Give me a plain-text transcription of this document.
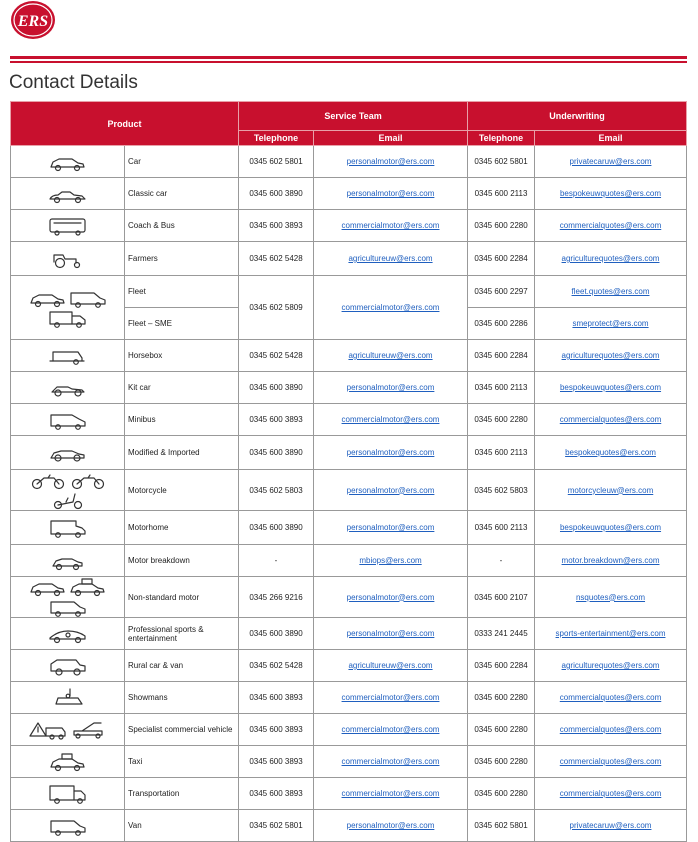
ERS
Contact Details
Product		Service Team		Underwriting	
		Telephone	Email	Telephone	Email
	Car	0345 602 5801	personalmotor@ers.com	0345 602 5801	privatecaruw@ers.com
	Classic car	0345 600 3890	personalmotor@ers.com	0345 600 2113	bespokeuwquotes@ers.com
	Coach & Bus	0345 600 3893	commercialmotor@ers.com	0345 600 2280	commercialquotes@ers.com
	Farmers	0345 602 5428	agricultureuw@ers.com	0345 600 2284	agriculturequotes@ers.com
	Fleet	0345 602 5809	commercialmotor@ers.com	0345 600 2297	fleet.quotes@ers.com
	Fleet – SME			0345 600 2286	smeprotect@ers.com
	Horsebox	0345 602 5428	agricultureuw@ers.com	0345 600 2284	agriculturequotes@ers.com
	Kit car	0345 600 3890	personalmotor@ers.com	0345 600 2113	bespokeuwquotes@ers.com
	Minibus	0345 600 3893	commercialmotor@ers.com	0345 600 2280	commercialquotes@ers.com
	Modified & Imported	0345 600 3890	personalmotor@ers.com	0345 600 2113	bespokequotes@ers.com
	Motorcycle	0345 602 5803	personalmotor@ers.com	0345 602 5803	motorcycleuw@ers.com
	Motorhome	0345 600 3890	personalmotor@ers.com	0345 600 2113	bespokeuwquotes@ers.com
	Motor breakdown	-	mbiops@ers.com	-	motor.breakdown@ers.com
	Non-standard motor	0345 266 9216	personalmotor@ers.com	0345 600 2107	nsquotes@ers.com
	Professional sports & entertainment	0345 600 3890	personalmotor@ers.com	0333 241 2445	sports-entertainment@ers.com
	Rural car & van	0345 602 5428	agricultureuw@ers.com	0345 600 2284	agriculturequotes@ers.com
	Showmans	0345 600 3893	commercialmotor@ers.com	0345 600 2280	commercialquotes@ers.com
	Specialist commercial vehicle	0345 600 3893	commercialmotor@ers.com	0345 600 2280	commercialquotes@ers.com
	Taxi	0345 600 3893	commercialmotor@ers.com	0345 600 2280	commercialquotes@ers.com
	Transportation	0345 600 3893	commercialmotor@ers.com	0345 600 2280	commercialquotes@ers.com
	Van	0345 602 5801	personalmotor@ers.com	0345 602 5801	privatecaruw@ers.com
